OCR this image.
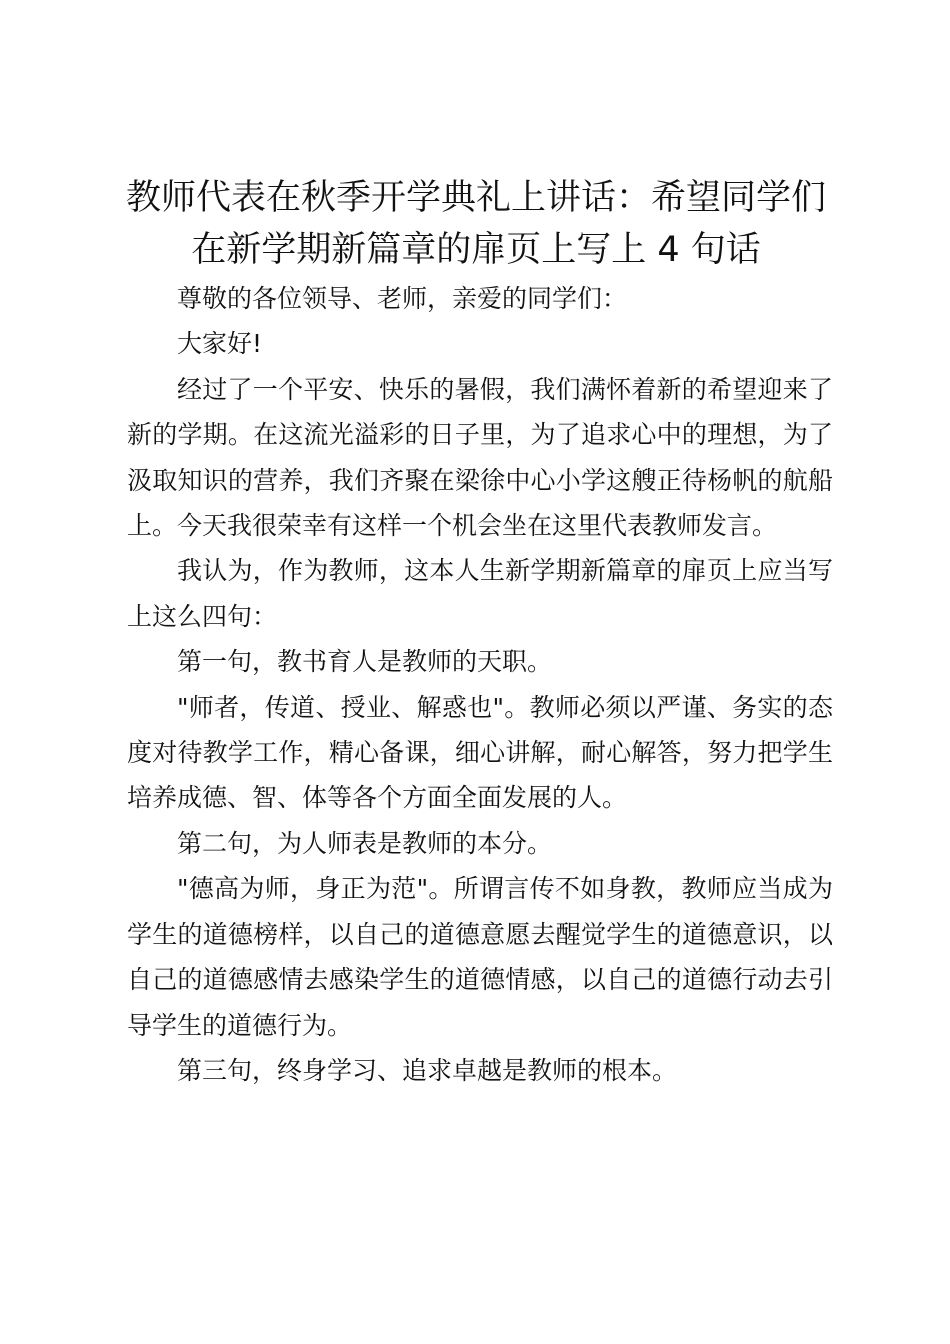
教师代表在秋季开学典礼上讲话：希望同学们
在新学期新篇章的扉页上写上 4 句话

尊敬的各位领导、老师，亲爱的同学们：

大家好!

经过了一个平安、快乐的暑假，我们满怀着新的希望迎来了新的学期。在这流光溢彩的日子里，为了追求心中的理想，为了汲取知识的营养，我们齐聚在梁徐中心小学这艘正待杨帆的航船上。今天我很荣幸有这样一个机会坐在这里代表教师发言。

我认为，作为教师，这本人生新学期新篇章的扉页上应当写上这么四句：

第一句，教书育人是教师的天职。

"师者，传道、授业、解惑也"。教师必须以严谨、务实的态度对待教学工作，精心备课，细心讲解，耐心解答，努力把学生培养成德、智、体等各个方面全面发展的人。

第二句，为人师表是教师的本分。

"德高为师，身正为范"。所谓言传不如身教，教师应当成为学生的道德榜样，以自己的道德意愿去醒觉学生的道德意识，以自己的道德感情去感染学生的道德情感，以自己的道德行动去引导学生的道德行为。

第三句，终身学习、追求卓越是教师的根本。
